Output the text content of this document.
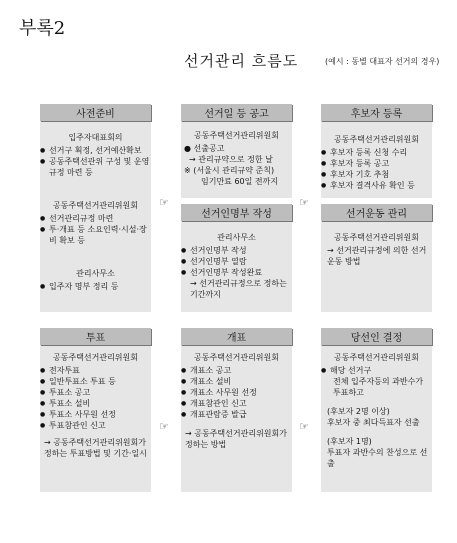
부록2
선거관리 흐름도	(예시 : 동별 대표자 선거의 경우)
사전준비
입주자대표회의
● 선거구 획정, 선거예산확보
● 공동주택선관위 구성 및 운영규정 마련 등
공동주택선거관리위원회
● 선거관리규정 마련
● 투·개표 등 소요인력·시설·장비 확보 등
관리사무소
● 입주자 명부 정리 등
선거일 등 공고
공동주택선거관리위원회
● 선출공고
→ 관리규약으로 정한 날
※ (서울시 관리규약 준칙)
임기만료 60일 전까지
선거인명부 작성
관리사무소
● 선거인명부 작성
● 선거인명부 열람
● 선거인명부 작성완료
→ 선거관리규정으로 정하는 기간까지
후보자 등록
공동주택선거관리위원회
● 후보자 등록 신청 수리
● 후보자 등록 공고
● 후보자 기호 추첨
● 후보자 결격사유 확인 등
선거운동 관리
공동주택선거관리위원회
→ 선거관리규정에 의한 선거운동 방법
투표
공동주택선거관리위원회
● 전자투표
● 일반투표소 투표 등
● 투표소 공고
● 투표소 설비
● 투표소 사무원 선정
● 투표참관인 신고
→ 공동주택선거관리위원회가 정하는 투표방법 및 기간·일시
개표
공동주택선거관리위원회
● 개표소 공고
● 개표소 설비
● 개표소 사무원 선정
● 개표참관인 신고
● 개표관람증 발급
→ 공동주택선거관리위원회가 정하는 방법
당선인 결정
공동주택선거관리위원회
● 해당 선거구
전체 입주자등의 과반수가 투표하고
(후보자 2명 이상)
후보자 중 최다득표자 선출
(후보자 1명)
투표자 과반수의 찬성으로 선출
☞	☞
☞	☞
